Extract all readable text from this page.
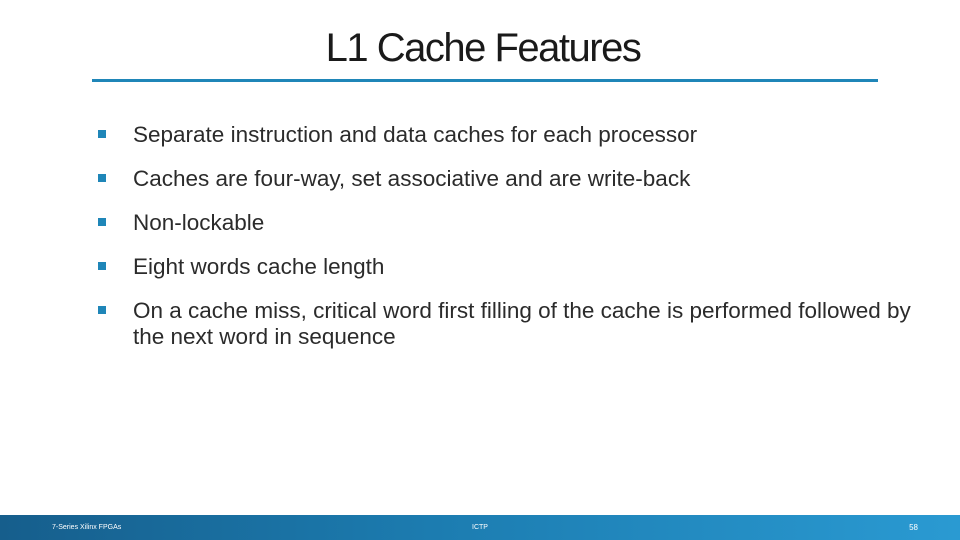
L1 Cache Features
Separate instruction and data caches for each processor
Caches are four-way, set associative and are write-back
Non-lockable
Eight words cache length
On a cache miss, critical word first filling of the cache is performed followed by the next word in sequence
7-Series Xilinx FPGAs	ICTP	58
